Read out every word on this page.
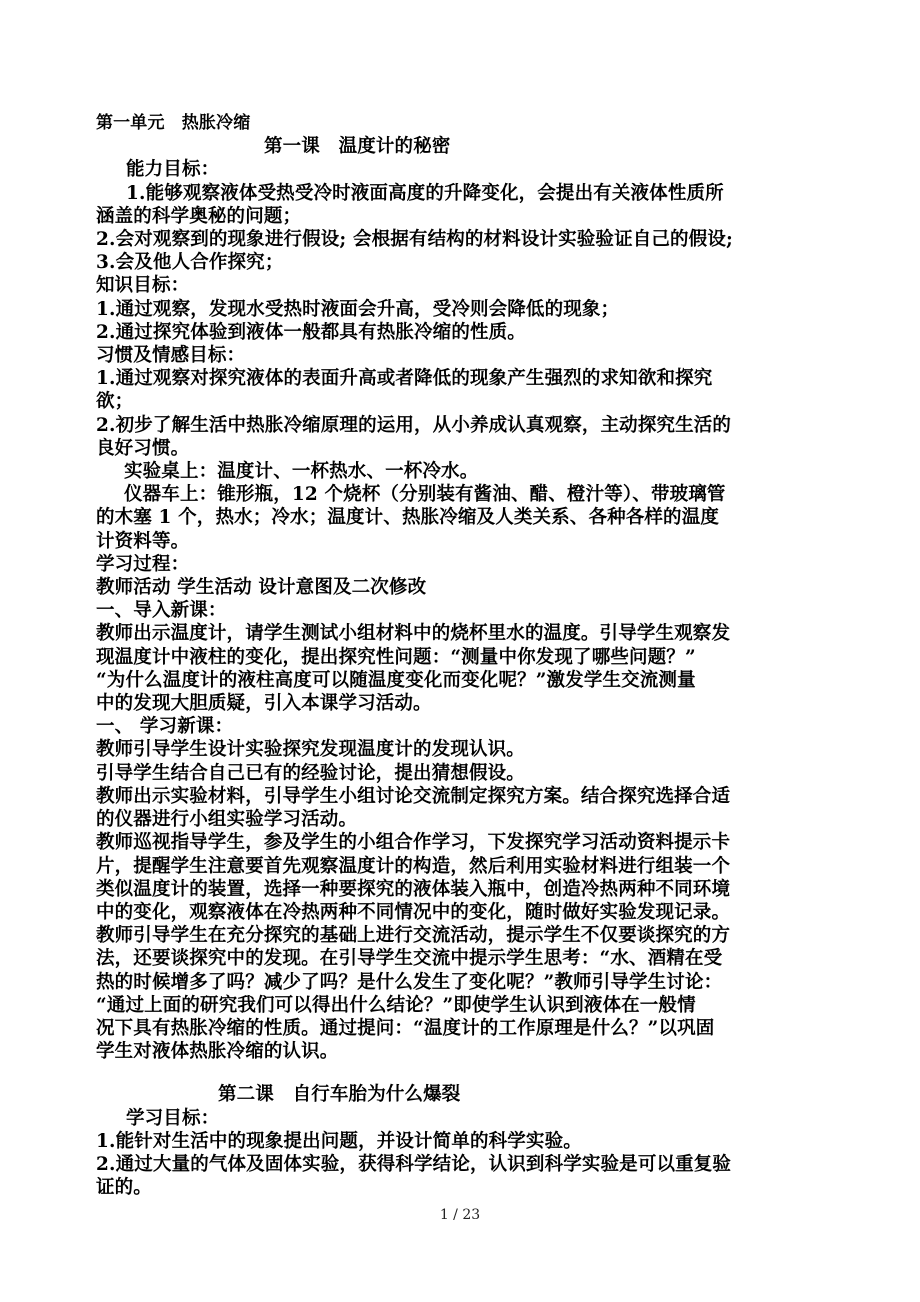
第一单元　热胀冷缩
第一课　温度计的秘密
能力目标：
1.能够观察液体受热受冷时液面高度的升降变化，会提出有关液体性质所
涵盖的科学奥秘的问题；
2.会对观察到的现象进行假设; 会根据有结构的材料设计实验验证自己的假设;
3.会及他人合作探究；
知识目标：
1.通过观察，发现水受热时液面会升高，受冷则会降低的现象；
2.通过探究体验到液体一般都具有热胀冷缩的性质。
习惯及情感目标：
1.通过观察对探究液体的表面升高或者降低的现象产生强烈的求知欲和探究
欲；
2.初步了解生活中热胀冷缩原理的运用，从小养成认真观察，主动探究生活的
良好习惯。
实验桌上：温度计、一杯热水、一杯冷水。
仪器车上：锥形瓶，12 个烧杯（分别装有酱油、醋、橙汁等）、带玻璃管
的木塞 1 个，热水；冷水；温度计、热胀冷缩及人类关系、各种各样的温度
计资料等。
学习过程：
教师活动 学生活动 设计意图及二次修改
一、导入新课：
教师出示温度计，请学生测试小组材料中的烧杯里水的温度。引导学生观察发
现温度计中液柱的变化，提出探究性问题：“测量中你发现了哪些问题？”
“为什么温度计的液柱高度可以随温度变化而变化呢？”激发学生交流测量
中的发现大胆质疑，引入本课学习活动。
一、 学习新课：
教师引导学生设计实验探究发现温度计的发现认识。
引导学生结合自己已有的经验讨论，提出猜想假设。
教师出示实验材料，引导学生小组讨论交流制定探究方案。结合探究选择合适
的仪器进行小组实验学习活动。
教师巡视指导学生，参及学生的小组合作学习，下发探究学习活动资料提示卡
片，提醒学生注意要首先观察温度计的构造，然后利用实验材料进行组装一个
类似温度计的装置，选择一种要探究的液体装入瓶中，创造冷热两种不同环境
中的变化，观察液体在冷热两种不同情况中的变化，随时做好实验发现记录。
教师引导学生在充分探究的基础上进行交流活动，提示学生不仅要谈探究的方
法，还要谈探究中的发现。在引导学生交流中提示学生思考：“水、酒精在受
热的时候增多了吗？减少了吗？是什么发生了变化呢？”教师引导学生讨论：
“通过上面的研究我们可以得出什么结论？”即使学生认识到液体在一般情
况下具有热胀冷缩的性质。通过提问：“温度计的工作原理是什么？”以巩固
学生对液体热胀冷缩的认识。
第二课　自行车胎为什么爆裂
学习目标：
1.能针对生活中的现象提出问题，并设计简单的科学实验。
2.通过大量的气体及固体实验，获得科学结论，认识到科学实验是可以重复验
证的。
1 / 23
